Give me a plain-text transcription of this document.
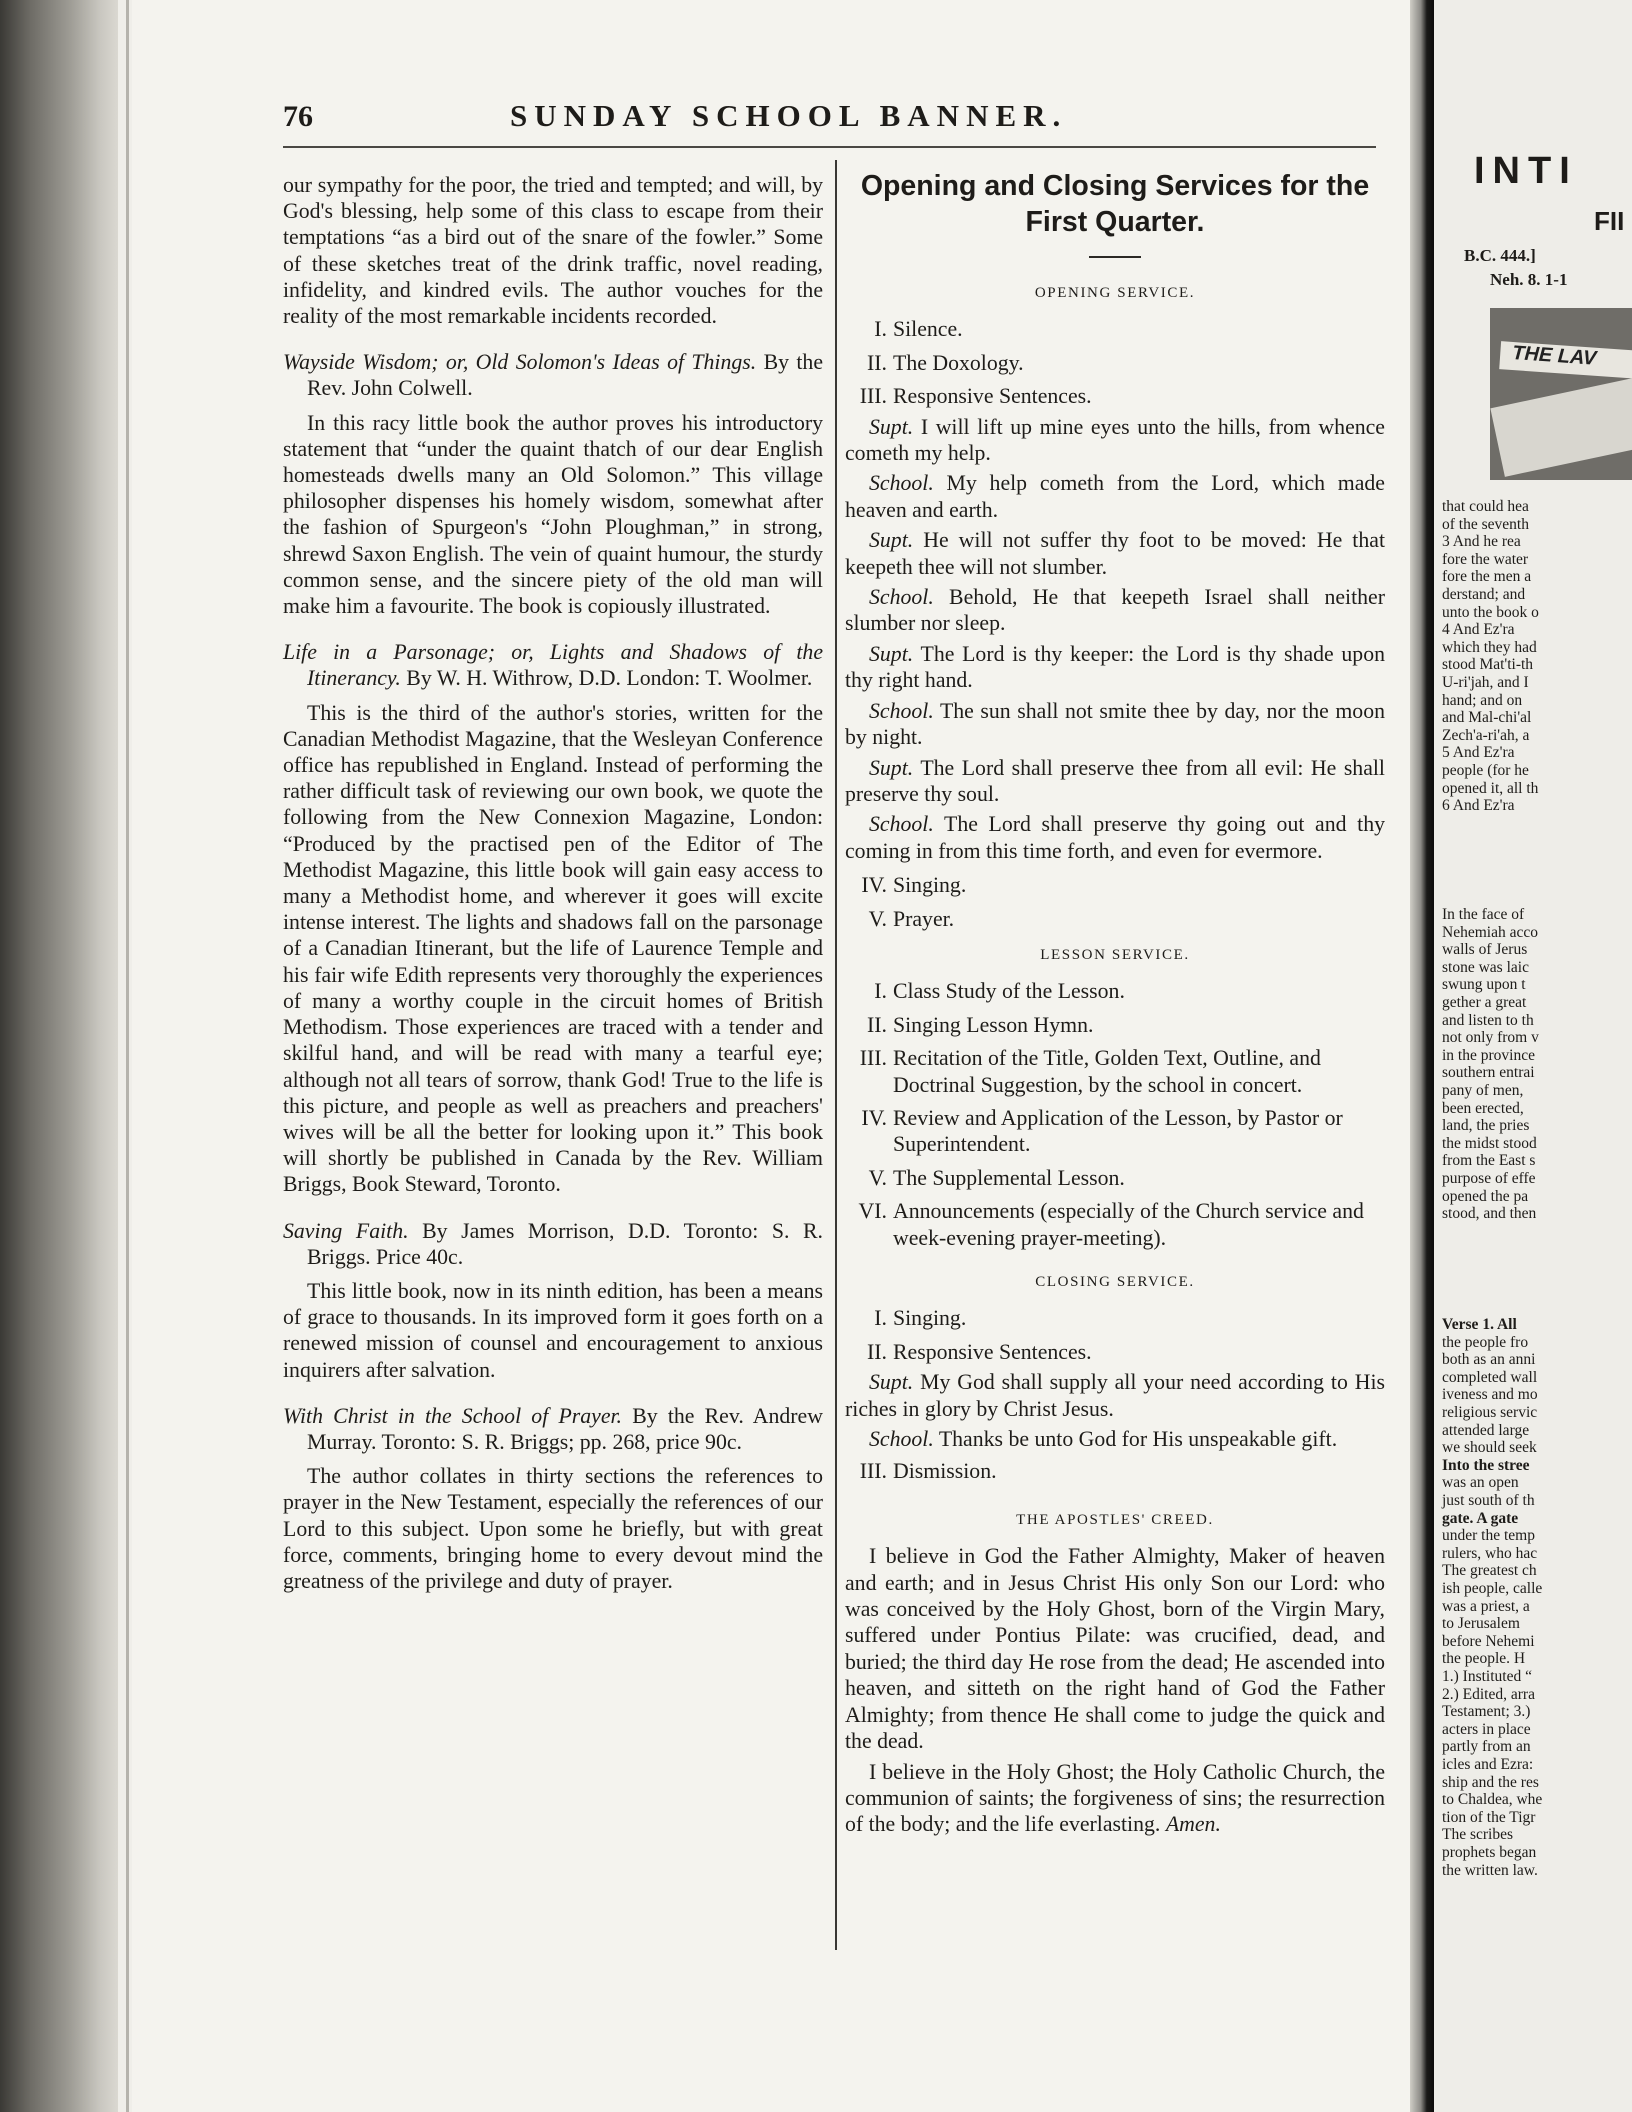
76	SUNDAY SCHOOL BANNER.

our sympathy for the poor, the tried and tempted; and will, by God's blessing, help some of this class to escape from their temptations “as a bird out of the snare of the fowler.” Some of these sketches treat of the drink traffic, novel reading, infidelity, and kindred evils. The author vouches for the reality of the most remarkable incidents recorded.

Wayside Wisdom; or, Old Solomon's Ideas of Things. By the Rev. John Colwell.

In this racy little book the author proves his introductory statement that “under the quaint thatch of our dear English homesteads dwells many an Old Solomon.” This village philosopher dispenses his homely wisdom, somewhat after the fashion of Spurgeon's “John Ploughman,” in strong, shrewd Saxon English. The vein of quaint humour, the sturdy common sense, and the sincere piety of the old man will make him a favourite. The book is copiously illustrated.

Life in a Parsonage; or, Lights and Shadows of the Itinerancy. By W. H. Withrow, D.D. London: T. Woolmer.

This is the third of the author's stories, written for the Canadian Methodist Magazine, that the Wesleyan Conference office has republished in England. Instead of performing the rather difficult task of reviewing our own book, we quote the following from the New Connexion Magazine, London: “Produced by the practised pen of the Editor of The Methodist Magazine, this little book will gain easy access to many a Methodist home, and wherever it goes will excite intense interest. The lights and shadows fall on the parsonage of a Canadian Itinerant, but the life of Laurence Temple and his fair wife Edith represents very thoroughly the experiences of many a worthy couple in the circuit homes of British Methodism. Those experiences are traced with a tender and skilful hand, and will be read with many a tearful eye; although not all tears of sorrow, thank God! True to the life is this picture, and people as well as preachers and preachers' wives will be all the better for looking upon it.” This book will shortly be published in Canada by the Rev. William Briggs, Book Steward, Toronto.

Saving Faith. By James Morrison, D.D. Toronto: S. R. Briggs. Price 40c.

This little book, now in its ninth edition, has been a means of grace to thousands. In its improved form it goes forth on a renewed mission of counsel and encouragement to anxious inquirers after salvation.

With Christ in the School of Prayer. By the Rev. Andrew Murray. Toronto: S. R. Briggs; pp. 268, price 90c.

The author collates in thirty sections the references to prayer in the New Testament, especially the references of our Lord to this subject. Upon some he briefly, but with great force, comments, bringing home to every devout mind the greatness of the privilege and duty of prayer.

Opening and Closing Services for the First Quarter.

OPENING SERVICE.

I. Silence.
II. The Doxology.
III. Responsive Sentences.

Supt. I will lift up mine eyes unto the hills, from whence cometh my help.

School. My help cometh from the Lord, which made heaven and earth.

Supt. He will not suffer thy foot to be moved: He that keepeth thee will not slumber.

School. Behold, He that keepeth Israel shall neither slumber nor sleep.

Supt. The Lord is thy keeper: the Lord is thy shade upon thy right hand.

School. The sun shall not smite thee by day, nor the moon by night.

Supt. The Lord shall preserve thee from all evil: He shall preserve thy soul.

School. The Lord shall preserve thy going out and thy coming in from this time forth, and even for evermore.

IV. Singing.
V. Prayer.

LESSON SERVICE.

I. Class Study of the Lesson.
II. Singing Lesson Hymn.
III. Recitation of the Title, Golden Text, Outline, and Doctrinal Suggestion, by the school in concert.
IV. Review and Application of the Lesson, by Pastor or Superintendent.
V. The Supplemental Lesson.
VI. Announcements (especially of the Church service and week-evening prayer-meeting).

CLOSING SERVICE.

I. Singing.
II. Responsive Sentences.

Supt. My God shall supply all your need according to His riches in glory by Christ Jesus.

School. Thanks be unto God for His unspeakable gift.

III. Dismission.

THE APOSTLES' CREED.

I believe in God the Father Almighty, Maker of heaven and earth; and in Jesus Christ His only Son our Lord: who was conceived by the Holy Ghost, born of the Virgin Mary, suffered under Pontius Pilate: was crucified, dead, and buried; the third day He rose from the dead; He ascended into heaven, and sitteth on the right hand of God the Father Almighty; from thence He shall come to judge the quick and the dead.

I believe in the Holy Ghost; the Holy Catholic Church, the communion of saints; the forgiveness of sins; the resurrection of the body; and the life everlasting. Amen.

INTI
FII
B.C. 444.]
Neh. 8. 1-1
THE LAV
that could hea
of the seventh
3 And he rea
fore the water
fore the men a
derstand; and
unto the book o
4 And Ez'ra
which they had
stood Mat'ti-th
U-ri'jah, and I
hand; and on
and Mal-chi'al
Zech'a-ri'ah, a
5 And Ez'ra
people (for he
opened it, all th
6 And Ez'ra
In the face of
Nehemiah acco
walls of Jerus
stone was laic
swung upon t
gether a great
and listen to th
not only from v
in the province
southern entrai
pany of men,
been erected,
land, the pries
the midst stood
from the East s
purpose of effe
opened the pa
stood, and then
Verse 1. All
the people fro
both as an anni
completed wall
iveness and mo
religious servic
attended large
we should seek
Into the stree
was an open
just south of th
gate. A gate
under the temp
rulers, who hac
The greatest ch
ish people, calle
was a priest, a
to Jerusalem
before Nehemi
the people. H
1.) Instituted “
2.) Edited, arra
Testament; 3.)
acters in place
partly from an
icles and Ezra:
ship and the res
to Chaldea, whe
tion of the Tigr
The scribes
prophets began
the written law.
